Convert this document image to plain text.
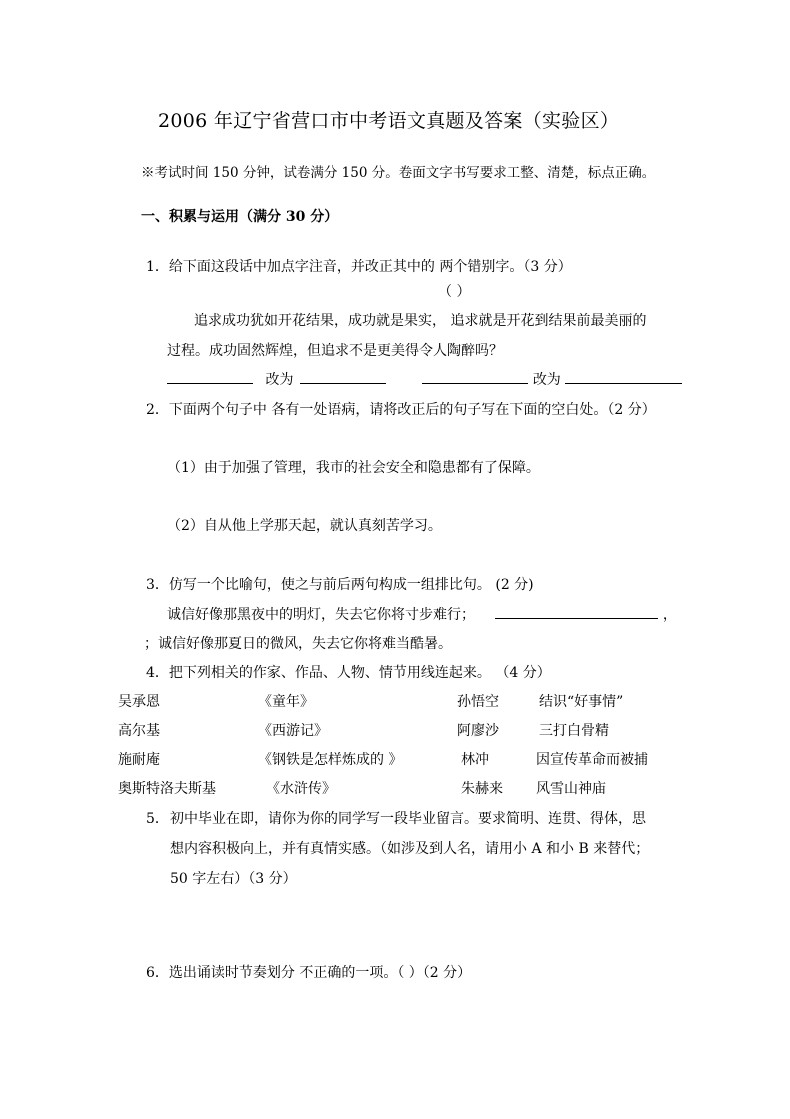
2006 年辽宁省营口市中考语文真题及答案（实验区）
※考试时间 150 分钟，试卷满分 150 分。卷面文字书写要求工整、清楚，标点正确。
一、积累与运用（满分 30 分）
1．给下面这段话中加点字注音，并改正其中的 两个错别字。（3 分）
（ ）
追求成功犹如开花结果，成功就是果实， 追求就是开花到结果前最美丽的
过程。成功固然辉煌，但追求不是更美得令人陶醉吗？
改为	改为
2．下面两个句子中 各有一处语病，请将改正后的句子写在下面的空白处。（2 分）
（1）由于加强了管理，我市的社会安全和隐患都有了保障。
（2）自从他上学那天起，就认真刻苦学习。
3．仿写一个比喻句，使之与前后两句构成一组排比句。 (2 分)
诚信好像那黑夜中的明灯，失去它你将寸步难行；	，
；诚信好像那夏日的微风，失去它你将难当酷暑。
4．把下列相关的作家、作品、人物、情节用线连起来。 （4 分）
吴承恩	《童年》	孙悟空	结识“好事情”
高尔基	《西游记》	阿廖沙	三打白骨精
施耐庵	《钢铁是怎样炼成的 》	林冲	因宣传革命而被捕
奥斯特洛夫斯基	《水浒传》	朱赫来 风雪山神庙
5． 初中毕业在即，请你为你的同学写一段毕业留言。要求简明、连贯、得体，思
想内容积极向上，并有真情实感。（如涉及到人名，请用小 A 和小 B 来替代；
50 字左右）（3 分）
6．选出诵读时节奏划分 不正确的一项。（ ）（2 分）
